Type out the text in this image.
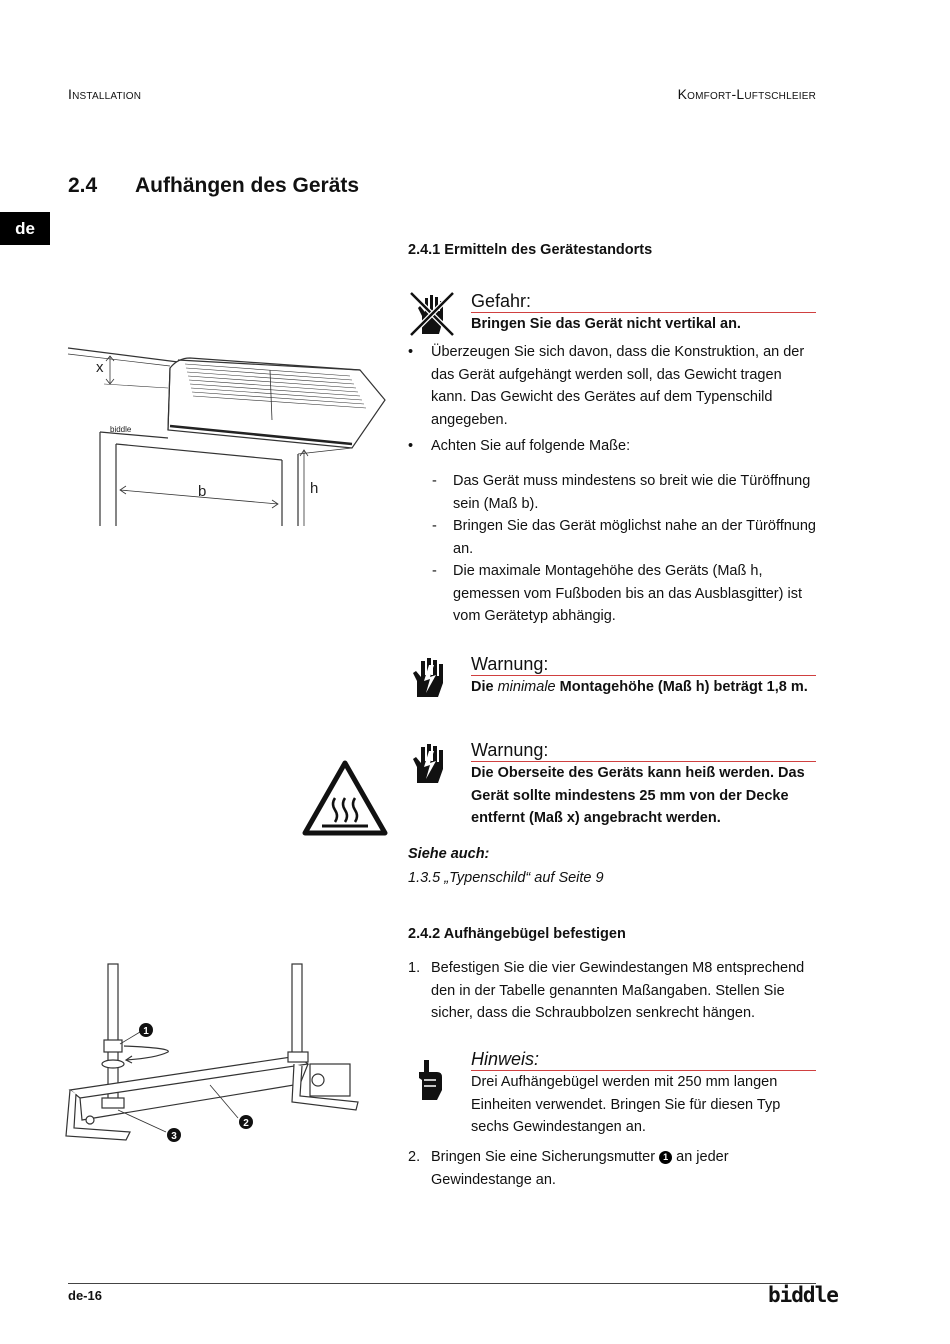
Installation	Komfort-Luftschleier
2.4 Aufhängen des Geräts
de
2.4.1 Ermitteln des Gerätestandorts
Gefahr:
Bringen Sie das Gerät nicht vertikal an.
• Überzeugen Sie sich davon, dass die Konstruktion, an der das Gerät aufgehängt werden soll, das Gewicht tragen kann. Das Gewicht des Gerätes auf dem Typenschild angegeben.
• Achten Sie auf folgende Maße:
- Das Gerät muss mindestens so breit wie die Türöffnung sein (Maß b).
- Bringen Sie das Gerät möglichst nahe an der Türöffnung an.
- Die maximale Montagehöhe des Geräts (Maß h, gemessen vom Fußboden bis an das Ausblasgitter) ist vom Gerätetyp abhängig.
Warnung:
Die minimale Montagehöhe (Maß h) beträgt 1,8 m.
Warnung:
Die Oberseite des Geräts kann heiß werden. Das Gerät sollte mindestens 25 mm von der Decke entfernt (Maß x) angebracht werden.
Siehe auch:
1.3.5 „Typenschild“ auf Seite 9
2.4.2 Aufhängebügel befestigen
1. Befestigen Sie die vier Gewindestangen M8 entsprechend den in der Tabelle genannten Maßangaben. Stellen Sie sicher, dass die Schraubbolzen senkrecht hängen.
Hinweis:
Drei Aufhängebügel werden mit 250 mm langen Einheiten verwendet. Bringen Sie für diesen Typ sechs Gewindestangen an.
2. Bringen Sie eine Sicherungsmutter 1 an jeder Gewindestange an.
x
b	h
biddle
1
2
3
de-16	biddle
